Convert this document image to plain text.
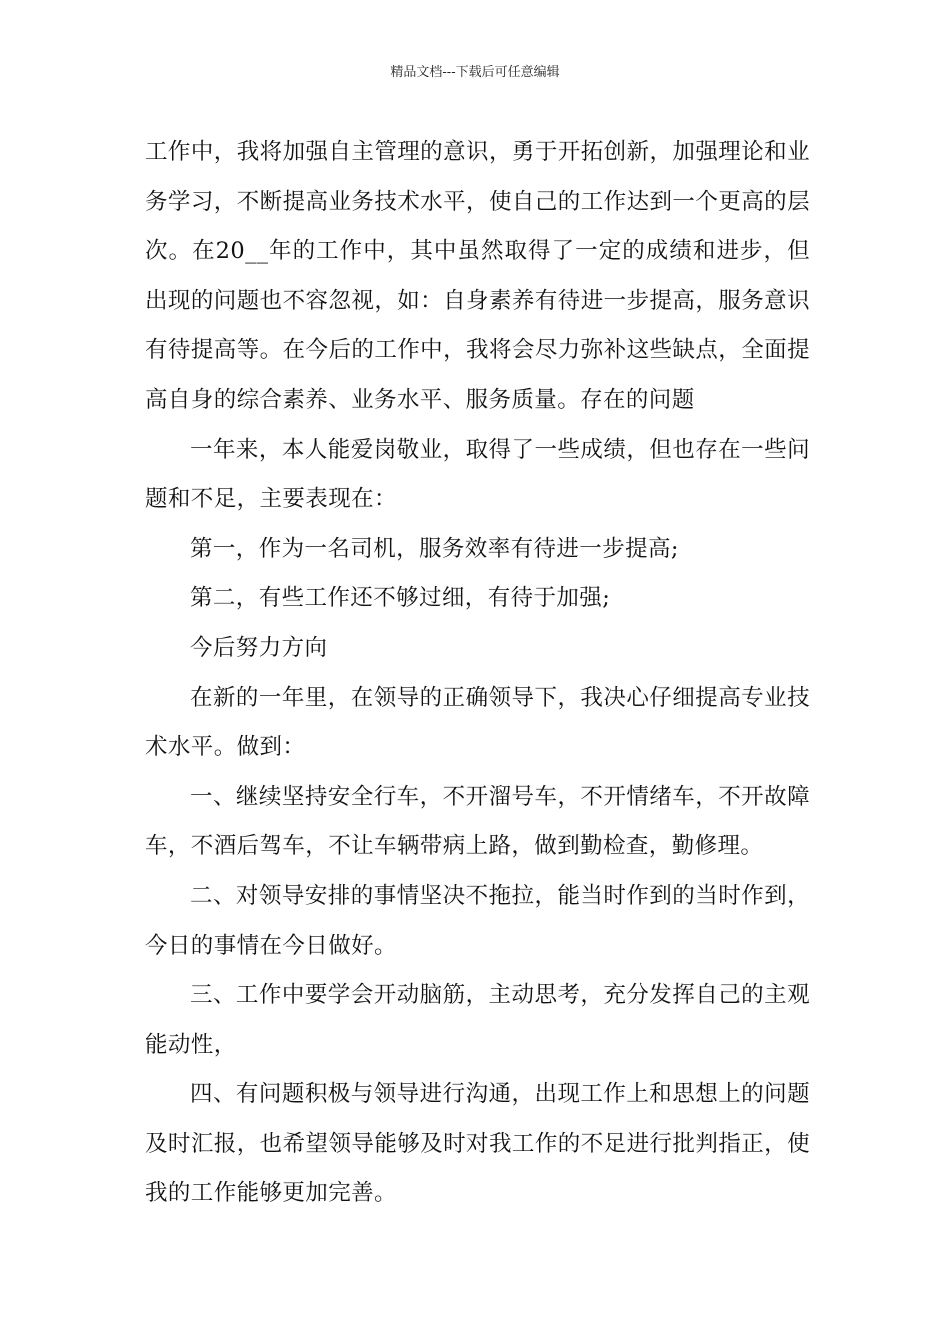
精品文档---下载后可任意编辑

工作中，我将加强自主管理的意识，勇于开拓创新，加强理论和业务学习，不断提高业务技术水平，使自己的工作达到一个更高的层次。在20__年的工作中，其中虽然取得了一定的成绩和进步，但出现的问题也不容忽视，如：自身素养有待进一步提高，服务意识有待提高等。在今后的工作中，我将会尽力弥补这些缺点，全面提高自身的综合素养、业务水平、服务质量。存在的问题

一年来，本人能爱岗敬业，取得了一些成绩，但也存在一些问题和不足，主要表现在：

第一，作为一名司机，服务效率有待进一步提高;

第二，有些工作还不够过细，有待于加强;

今后努力方向

在新的一年里，在领导的正确领导下，我决心仔细提高专业技术水平。做到：

一、继续坚持安全行车，不开溜号车，不开情绪车，不开故障车，不酒后驾车，不让车辆带病上路，做到勤检查，勤修理。

二、对领导安排的事情坚决不拖拉，能当时作到的当时作到，今日的事情在今日做好。

三、工作中要学会开动脑筋，主动思考，充分发挥自己的主观能动性，

四、有问题积极与领导进行沟通，出现工作上和思想上的问题及时汇报，也希望领导能够及时对我工作的不足进行批判指正，使我的工作能够更加完善。
